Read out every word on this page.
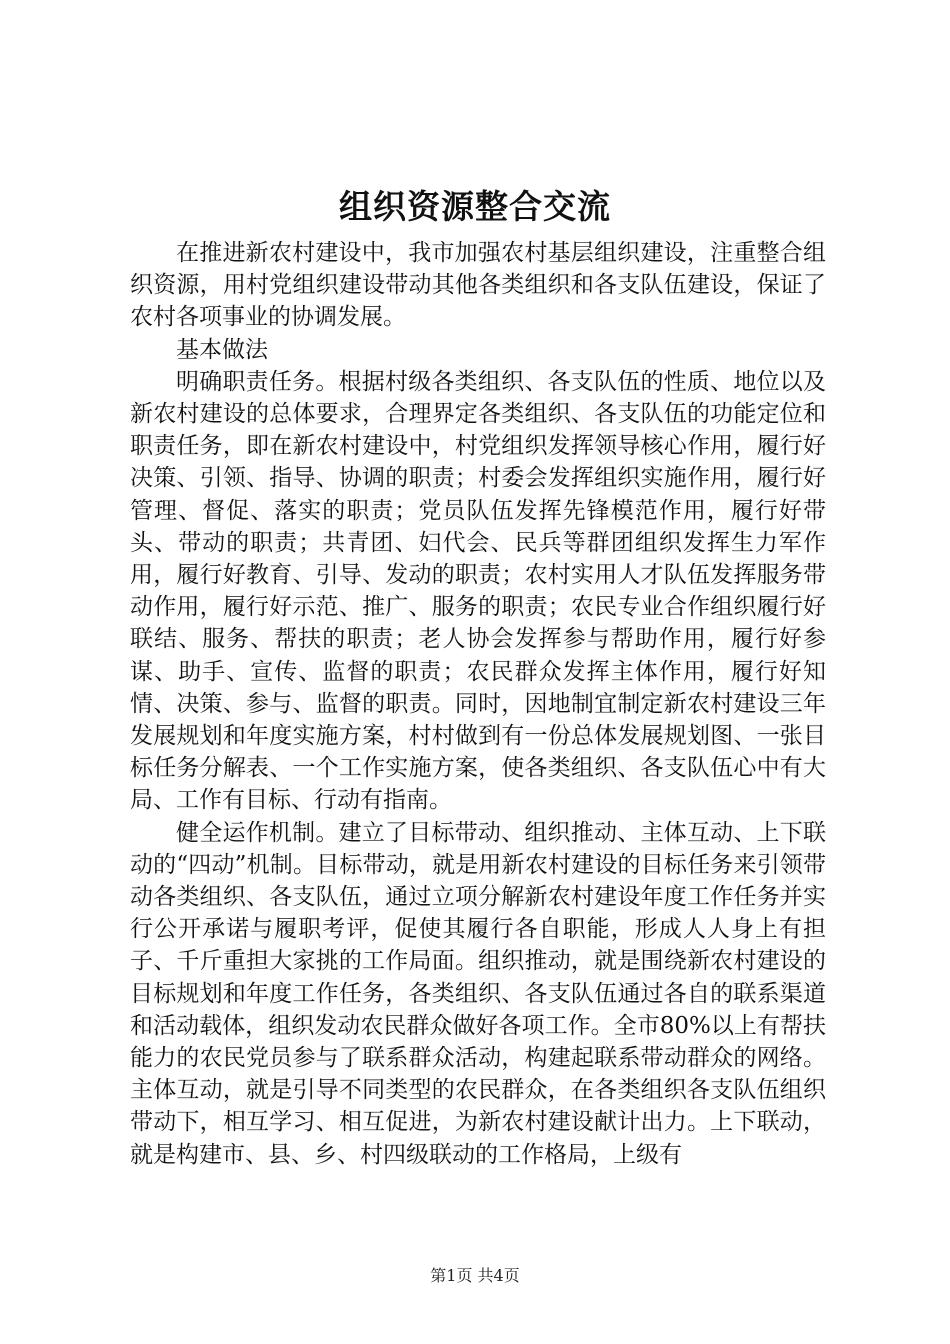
组织资源整合交流

在推进新农村建设中，我市加强农村基层组织建设，注重整合组织资源，用村党组织建设带动其他各类组织和各支队伍建设，保证了农村各项事业的协调发展。

基本做法

明确职责任务。根据村级各类组织、各支队伍的性质、地位以及新农村建设的总体要求，合理界定各类组织、各支队伍的功能定位和职责任务，即在新农村建设中，村党组织发挥领导核心作用，履行好决策、引领、指导、协调的职责；村委会发挥组织实施作用，履行好管理、督促、落实的职责；党员队伍发挥先锋模范作用，履行好带头、带动的职责；共青团、妇代会、民兵等群团组织发挥生力军作用，履行好教育、引导、发动的职责；农村实用人才队伍发挥服务带动作用，履行好示范、推广、服务的职责；农民专业合作组织履行好联结、服务、帮扶的职责；老人协会发挥参与帮助作用，履行好参谋、助手、宣传、监督的职责；农民群众发挥主体作用，履行好知情、决策、参与、监督的职责。同时，因地制宜制定新农村建设三年发展规划和年度实施方案，村村做到有一份总体发展规划图、一张目标任务分解表、一个工作实施方案，使各类组织、各支队伍心中有大局、工作有目标、行动有指南。

健全运作机制。建立了目标带动、组织推动、主体互动、上下联动的“四动”机制。目标带动，就是用新农村建设的目标任务来引领带动各类组织、各支队伍，通过立项分解新农村建设年度工作任务并实行公开承诺与履职考评，促使其履行各自职能，形成人人身上有担子、千斤重担大家挑的工作局面。组织推动，就是围绕新农村建设的目标规划和年度工作任务，各类组织、各支队伍通过各自的联系渠道和活动载体，组织发动农民群众做好各项工作。全市80%以上有帮扶能力的农民党员参与了联系群众活动，构建起联系带动群众的网络。主体互动，就是引导不同类型的农民群众，在各类组织各支队伍组织带动下，相互学习、相互促进，为新农村建设献计出力。上下联动，就是构建市、县、乡、村四级联动的工作格局，上级有

第1页 共4页
